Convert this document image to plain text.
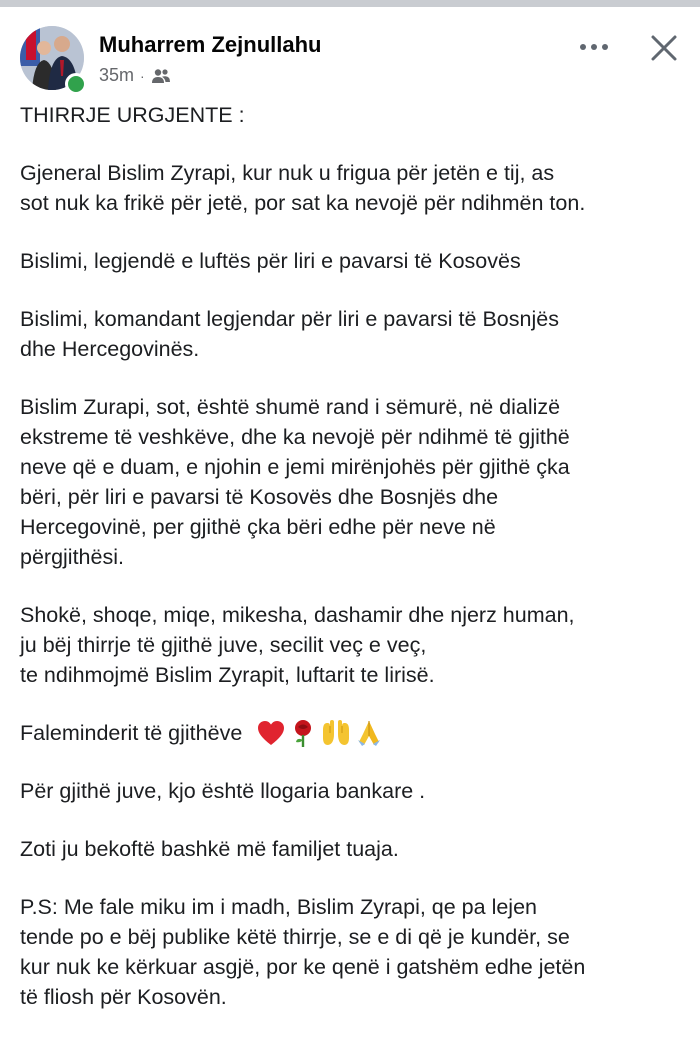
Muharrem Zejnullahu
35m ·

THIRRJE URGJENTE :

Gjeneral Bislim Zyrapi, kur nuk u frigua për jetën e tij, as
sot nuk ka frikë për jetë, por sat ka nevojë për ndihmën ton.

Bislimi, legjendë e luftës për liri e pavarsi të Kosovës

Bislimi, komandant legjendar për liri e pavarsi të Bosnjës
dhe Hercegovinës.

Bislim Zurapi, sot, është shumë rand i sëmurë, në dializë
ekstreme të veshkëve, dhe ka nevojë për ndihmë të gjithë
neve që e duam, e njohin e jemi mirënjohës për gjithë çka
bëri, për liri e pavarsi të Kosovës dhe Bosnjës dhe
Hercegovinë, per gjithë çka bëri edhe për neve në
përgjithësi.

Shokë, shoqe, miqe, mikesha, dashamir dhe njerz human,
ju bëj thirrje të gjithë juve, secilit veç e veç,
te ndihmojmë Bislim Zyrapit, luftarit te lirisë.

Faleminderit të gjithëve

Për gjithë juve, kjo është llogaria bankare .

Zoti ju bekoftë bashkë më familjet tuaja.

P.S: Me fale miku im i madh, Bislim Zyrapi, qe pa lejen
tende po e bëj publike këtë thirrje, se e di që je kundër, se
kur nuk ke kërkuar asgjë, por ke qenë i gatshëm edhe jetën
të fliosh për Kosovën.
